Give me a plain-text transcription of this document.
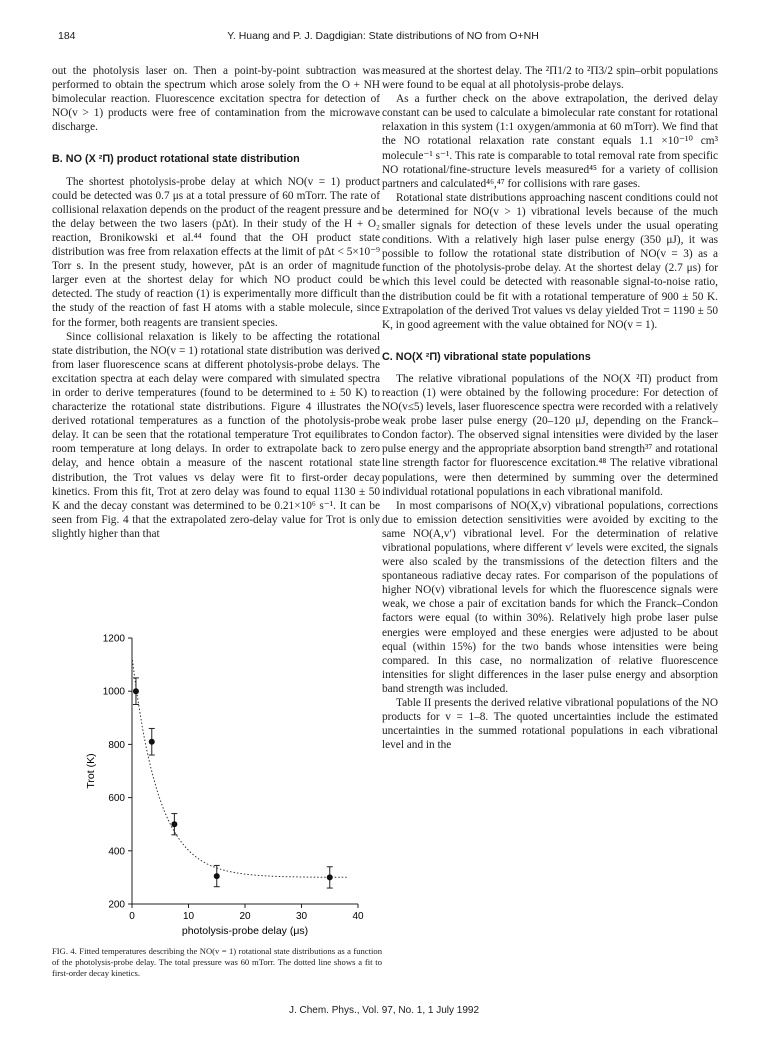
184	Y. Huang and P. J. Dagdigian: State distributions of NO from O+NH

out the photolysis laser on. Then a point-by-point subtraction was performed to obtain the spectrum which arose solely from the O + NH bimolecular reaction. Fluorescence excitation spectra for detection of NO(v > 1) products were free of contamination from the microwave discharge.

B. NO (X ²Π) product rotational state distribution

The shortest photolysis-probe delay at which NO(v = 1) product could be detected was 0.7 μs at a total pressure of 60 mTorr. The rate of collisional relaxation depends on the product of the reagent pressure and the delay between the two lasers (pΔt). In their study of the H + O₂ reaction, Bronikowski et al.⁴⁴ found that the OH product state distribution was free from relaxation effects at the limit of pΔt < 5×10⁻⁹ Torr s. In the present study, however, pΔt is an order of magnitude larger even at the shortest delay for which NO product could be detected. The study of reaction (1) is experimentally more difficult than the study of the reaction of fast H atoms with a stable molecule, since for the former, both reagents are transient species.

Since collisional relaxation is likely to be affecting the rotational state distribution, the NO(v = 1) rotational state distribution was derived from laser fluorescence scans at different photolysis-probe delays. The excitation spectra at each delay were compared with simulated spectra in order to derive temperatures (found to be determined to ± 50 K) to characterize the rotational state distributions. Figure 4 illustrates the derived rotational temperatures as a function of the photolysis-probe delay. It can be seen that the rotational temperature Trot equilibrates to room temperature at long delays. In order to extrapolate back to zero delay, and hence obtain a measure of the nascent rotational state distribution, the Trot values vs delay were fit to first-order decay kinetics. From this fit, Trot at zero delay was found to equal 1130 ± 50 K and the decay constant was determined to be 0.21×10⁶ s⁻¹. It can be seen from Fig. 4 that the extrapolated zero-delay value for Trot is only slightly higher than that

measured at the shortest delay. The ²Π1/2 to ²Π3/2 spin–orbit populations were found to be equal at all photolysis-probe delays.

As a further check on the above extrapolation, the derived delay constant can be used to calculate a bimolecular rate constant for rotational relaxation in this system (1:1 oxygen/ammonia at 60 mTorr). We find that the NO rotational relaxation rate constant equals 1.1 ×10⁻¹⁰ cm³ molecule⁻¹ s⁻¹. This rate is comparable to total removal rate from specific NO rotational/fine-structure levels measured⁴⁵ for a variety of collision partners and calculated⁴⁶,⁴⁷ for collisions with rare gases.

Rotational state distributions approaching nascent conditions could not be determined for NO(v > 1) vibrational levels because of the much smaller signals for detection of these levels under the usual operating conditions. With a relatively high laser pulse energy (350 μJ), it was possible to follow the rotational state distribution of NO(v = 3) as a function of the photolysis-probe delay. At the shortest delay (2.7 μs) for which this level could be detected with reasonable signal-to-noise ratio, the distribution could be fit with a rotational temperature of 900 ± 50 K. Extrapolation of the derived Trot values vs delay yielded Trot = 1190 ± 50 K, in good agreement with the value obtained for NO(v = 1).

C. NO(X ²Π) vibrational state populations

The relative vibrational populations of the NO(X ²Π) product from reaction (1) were obtained by the following procedure: For detection of NO(v≤5) levels, laser fluorescence spectra were recorded with a relatively weak probe laser pulse energy (20–120 μJ, depending on the Franck–Condon factor). The observed signal intensities were divided by the laser pulse energy and the appropriate absorption band strength³⁷ and rotational line strength factor for fluorescence excitation.⁴⁸ The relative vibrational populations, were then determined by summing over the determined individual rotational populations in each vibrational manifold.

In most comparisons of NO(X,v) vibrational populations, corrections due to emission detection sensitivities were avoided by exciting to the same NO(A,v′) vibrational level. For the determination of relative vibrational populations, where different v′ levels were excited, the signals were also scaled by the transmissions of the detection filters and the spontaneous radiative decay rates. For comparison of the populations of higher NO(v) vibrational levels for which the fluorescence signals were weak, we chose a pair of excitation bands for which the Franck–Condon factors were equal (to within 30%). Relatively high probe laser pulse energies were employed and these energies were adjusted to be about equal (within 15%) for the two bands whose intensities were being compared. In this case, no normalization of relative fluorescence intensities for slight differences in the laser pulse energy and absorption band strength was included.

Table II presents the derived relative vibrational populations of the NO products for v = 1–8. The quoted uncertainties include the estimated uncertainties in the summed rotational populations in each vibrational level and in the

200
400
600
800
1000
1200
0	10	20	30	40
photolysis-probe delay (μs)
Trot (K)
FIG. 4. Fitted temperatures describing the NO(v = 1) rotational state distributions as a function of the photolysis-probe delay. The total pressure was 60 mTorr. The dotted line shows a fit to first-order decay kinetics.
J. Chem. Phys., Vol. 97, No. 1, 1 July 1992
